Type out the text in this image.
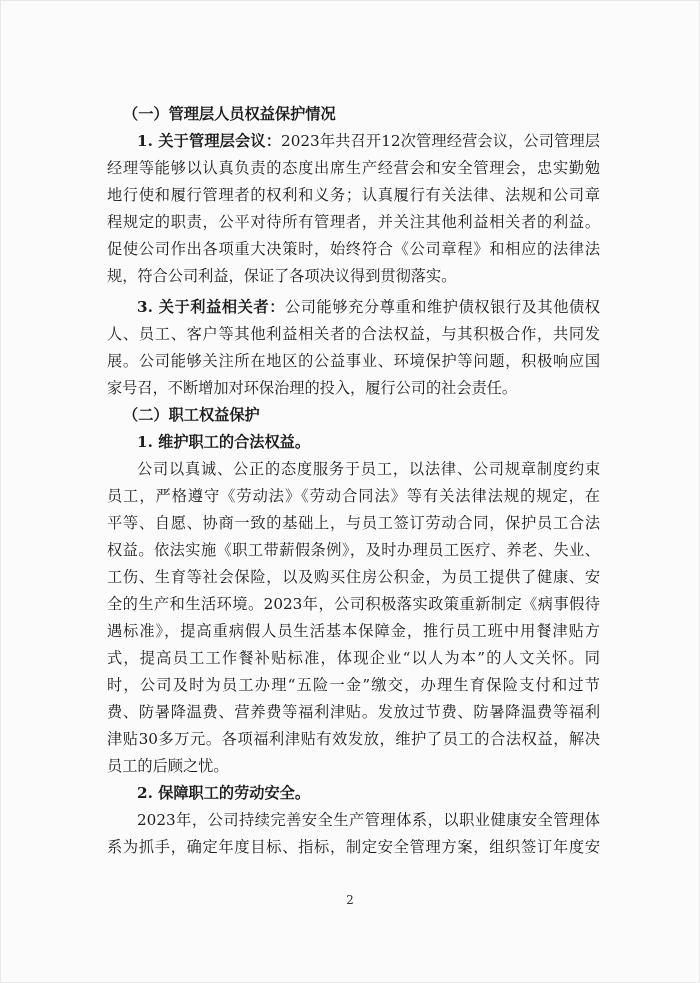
（一）管理层人员权益保护情况
1. 关于管理层会议：2023年共召开12次管理经营会议，公司管理层
经理等能够以认真负责的态度出席生产经营会和安全管理会，忠实勤勉
地行使和履行管理者的权利和义务；认真履行有关法律、法规和公司章
程规定的职责，公平对待所有管理者，并关注其他利益相关者的利益。
促使公司作出各项重大决策时，始终符合《公司章程》和相应的法律法
规，符合公司利益，保证了各项决议得到贯彻落实。
3. 关于利益相关者：公司能够充分尊重和维护债权银行及其他债权
人、员工、客户等其他利益相关者的合法权益，与其积极合作，共同发
展。公司能够关注所在地区的公益事业、环境保护等问题，积极响应国
家号召，不断增加对环保治理的投入，履行公司的社会责任。
（二）职工权益保护
1. 维护职工的合法权益。
公司以真诚、公正的态度服务于员工，以法律、公司规章制度约束
员工，严格遵守《劳动法》《劳动合同法》等有关法律法规的规定，在
平等、自愿、协商一致的基础上，与员工签订劳动合同，保护员工合法
权益。依法实施《职工带薪假条例》，及时办理员工医疗、养老、失业、
工伤、生育等社会保险，以及购买住房公积金，为员工提供了健康、安
全的生产和生活环境。2023年，公司积极落实政策重新制定《病事假待
遇标准》，提高重病假人员生活基本保障金，推行员工班中用餐津贴方
式，提高员工工作餐补贴标准，体现企业“以人为本”的人文关怀。同
时，公司及时为员工办理“五险一金”缴交，办理生育保险支付和过节
费、防暑降温费、营养费等福利津贴。发放过节费、防暑降温费等福利
津贴30多万元。各项福利津贴有效发放，维护了员工的合法权益，解决
员工的后顾之忧。
2. 保障职工的劳动安全。
2023年，公司持续完善安全生产管理体系，以职业健康安全管理体
系为抓手，确定年度目标、指标，制定安全管理方案，组织签订年度安
2
